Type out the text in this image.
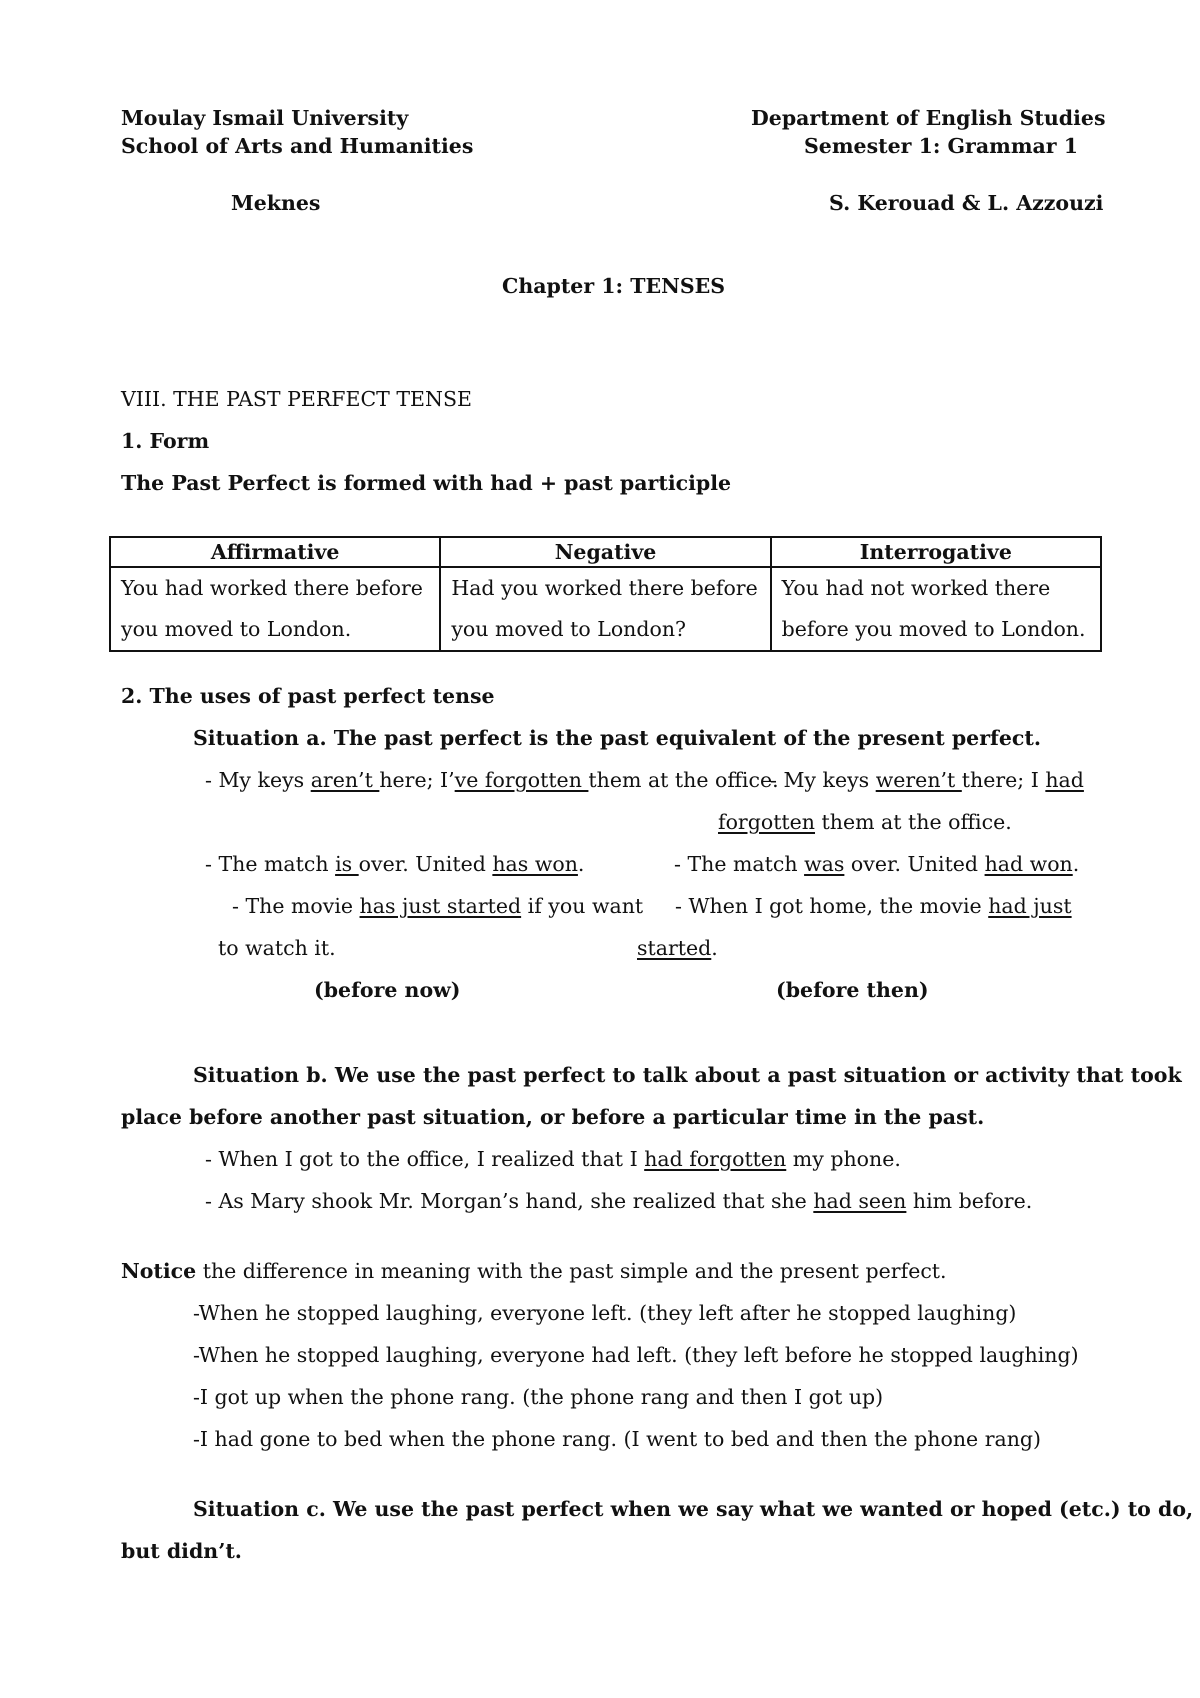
Moulay Ismail University
School of Arts and Humanities
Meknes
Department of English Studies
Semester 1: Grammar 1
S. Kerouad & L. Azzouzi
Chapter 1: TENSES
VIII. THE PAST PERFECT TENSE
1. Form
The Past Perfect is formed with had + past participle
Affirmative	Negative	Interrogative
You had worked there before you moved to London.	Had you worked there before you moved to London?	You had not worked there before you moved to London.
2. The uses of past perfect tense
Situation a. The past perfect is the past equivalent of the present perfect.
- My keys aren’t here; I’ve forgotten them at the office.
- My keys weren’t there; I had
forgotten them at the office.
- The match is over. United has won.	- The match was over. United had won.
- The movie has just started if you want
to watch it.
- When I got home, the movie had just
started.
(before now)	(before then)
Situation b. We use the past perfect to talk about a past situation or activity that took
place before another past situation, or before a particular time in the past.
- When I got to the office, I realized that I had forgotten my phone.
- As Mary shook Mr. Morgan’s hand, she realized that she had seen him before.
Notice the difference in meaning with the past simple and the present perfect.
-When he stopped laughing, everyone left. (they left after he stopped laughing)
-When he stopped laughing, everyone had left. (they left before he stopped laughing)
-I got up when the phone rang. (the phone rang and then I got up)
-I had gone to bed when the phone rang. (I went to bed and then the phone rang)
Situation c. We use the past perfect when we say what we wanted or hoped (etc.) to do,
but didn’t.
